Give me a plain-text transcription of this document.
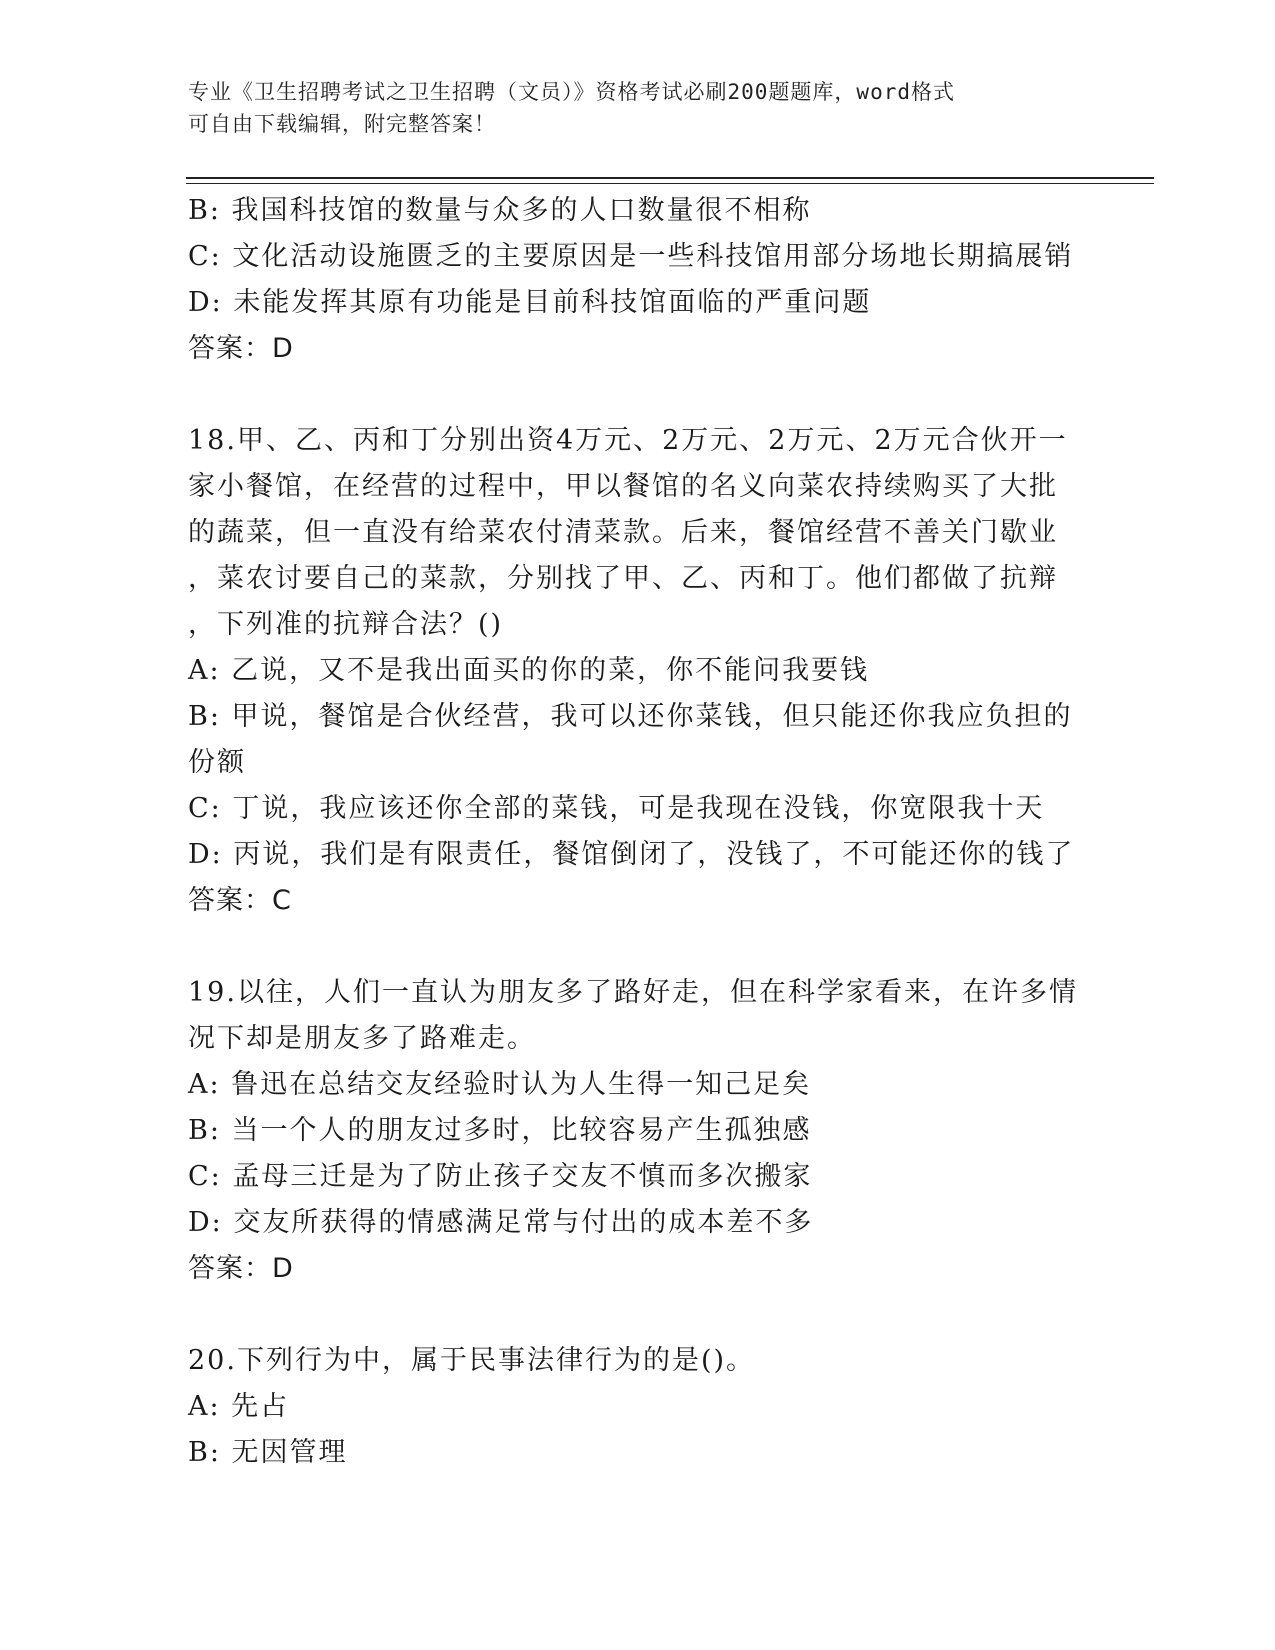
专业《卫生招聘考试之卫生招聘（文员）》资格考试必刷200题题库，word格式
可自由下载编辑，附完整答案！
B: 我国科技馆的数量与众多的人口数量很不相称
C: 文化活动设施匮乏的主要原因是一些科技馆用部分场地长期搞展销
D: 未能发挥其原有功能是目前科技馆面临的严重问题
答案：D
18.甲、乙、丙和丁分别出资4万元、2万元、2万元、2万元合伙开一
家小餐馆，在经营的过程中，甲以餐馆的名义向菜农持续购买了大批
的蔬菜，但一直没有给菜农付清菜款。后来，餐馆经营不善关门歇业
，菜农讨要自己的菜款，分别找了甲、乙、丙和丁。他们都做了抗辩
，下列准的抗辩合法？()
A: 乙说，又不是我出面买的你的菜，你不能问我要钱
B: 甲说，餐馆是合伙经营，我可以还你菜钱，但只能还你我应负担的
份额
C: 丁说，我应该还你全部的菜钱，可是我现在没钱，你宽限我十天
D: 丙说，我们是有限责任，餐馆倒闭了，没钱了，不可能还你的钱了
答案：C
19.以往，人们一直认为朋友多了路好走，但在科学家看来，在许多情
况下却是朋友多了路难走。
A: 鲁迅在总结交友经验时认为人生得一知己足矣
B: 当一个人的朋友过多时，比较容易产生孤独感
C: 孟母三迁是为了防止孩子交友不慎而多次搬家
D: 交友所获得的情感满足常与付出的成本差不多
答案：D
20.下列行为中，属于民事法律行为的是()。
A: 先占
B: 无因管理
